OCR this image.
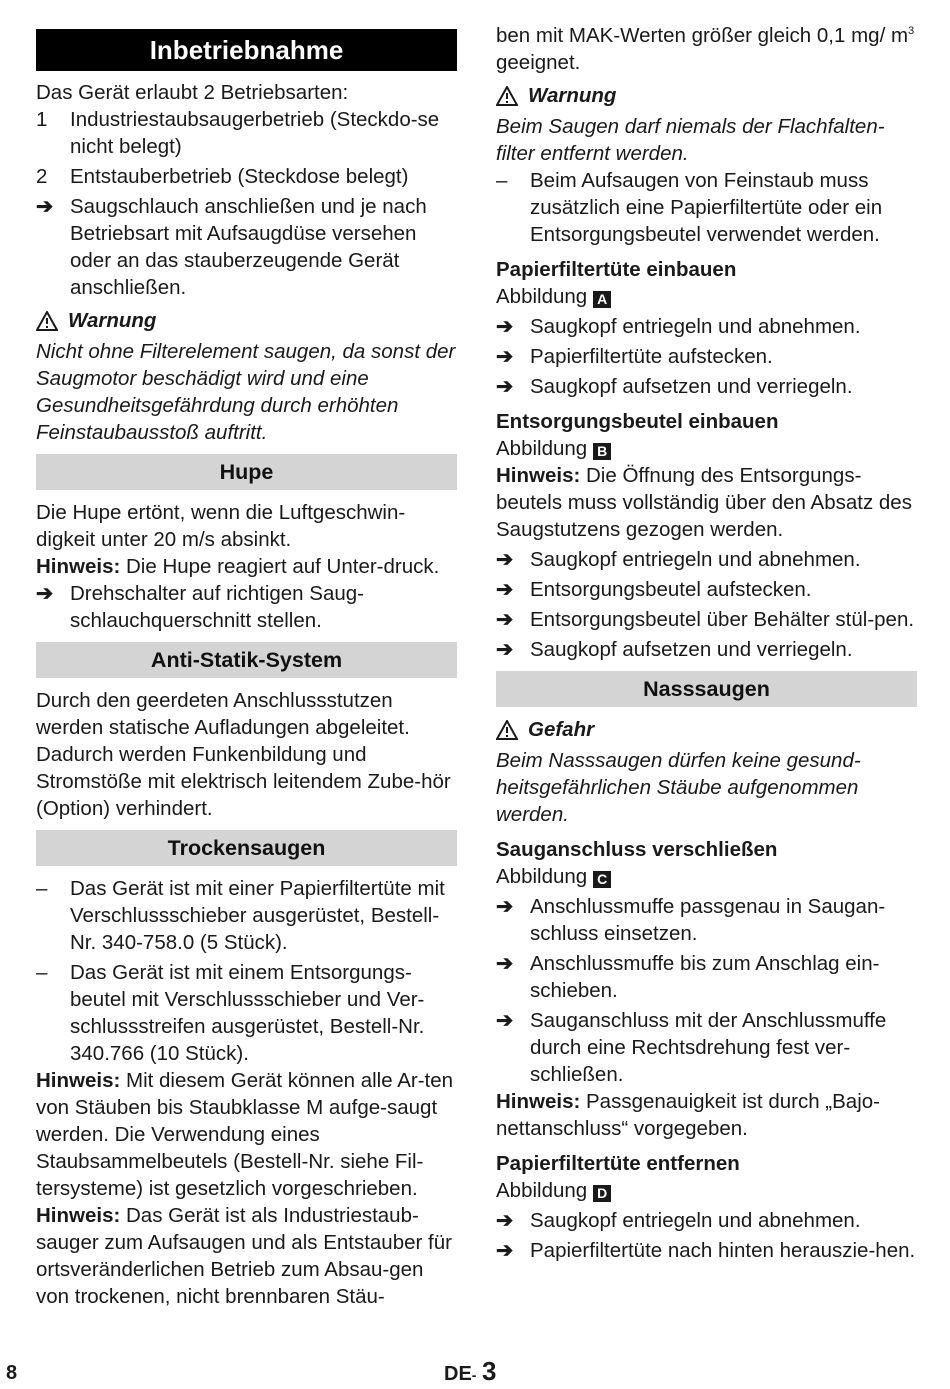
Inbetriebnahme

Das Gerät erlaubt 2 Betriebsarten:

1	Industriestaubsaugerbetrieb (Steckdo-se nicht belegt)
2	Entstauberbetrieb (Steckdose belegt)
➔ Saugschlauch anschließen und je nach Betriebsart mit Aufsaugdüse versehen oder an das stauberzeugende Gerät anschließen.
Warnung

Nicht ohne Filterelement saugen, da sonst der Saugmotor beschädigt wird und eine Gesundheitsgefährdung durch erhöhten Feinstaubausstoß auftritt.

Hupe

Die Hupe ertönt, wenn die Luftgeschwin-digkeit unter 20 m/s absinkt.

Hinweis: Die Hupe reagiert auf Unter-druck.

➔ Drehschalter auf richtigen Saug-schlauchquerschnitt stellen.
Anti-Statik-System

Durch den geerdeten Anschlussstutzen werden statische Aufladungen abgeleitet. Dadurch werden Funkenbildung und Stromstöße mit elektrisch leitendem Zube-hör (Option) verhindert.

Trockensaugen
–	Das Gerät ist mit einer Papierfiltertüte mit Verschlussschieber ausgerüstet, Bestell-Nr. 340-758.0 (5 Stück).
–	Das Gerät ist mit einem Entsorgungs-beutel mit Verschlussschieber und Ver-schlussstreifen ausgerüstet, Bestell-Nr. 340.766 (10 Stück).

Hinweis: Mit diesem Gerät können alle Ar-ten von Stäuben bis Staubklasse M aufge-saugt werden. Die Verwendung eines Staubsammelbeutels (Bestell-Nr. siehe Fil-tersysteme) ist gesetzlich vorgeschrieben.

Hinweis: Das Gerät ist als Industriestaub-sauger zum Aufsaugen und als Entstauber für ortsveränderlichen Betrieb zum Absau-gen von trockenen, nicht brennbaren Stäu-

ben mit MAK-Werten größer gleich 0,1 mg/ $m^3$ geeignet.

Warnung

Beim Saugen darf niemals der Flachfalten-filter entfernt werden.

–	Beim Aufsaugen von Feinstaub muss zusätzlich eine Papierfiltertüte oder ein Entsorgungsbeutel verwendet werden.

Papierfiltertüte einbauen

Abbildung A

➔ Saugkopf entriegeln und abnehmen.
➔ Papierfiltertüte aufstecken.
➔ Saugkopf aufsetzen und verriegeln.

Entsorgungsbeutel einbauen

Abbildung B

Hinweis: Die Öffnung des Entsorgungs-beutels muss vollständig über den Absatz des Saugstutzens gezogen werden.

➔ Saugkopf entriegeln und abnehmen.
➔ Entsorgungsbeutel aufstecken.
➔ Entsorgungsbeutel über Behälter stül-pen.
➔ Saugkopf aufsetzen und verriegeln.
Nasssaugen
Gefahr

Beim Nasssaugen dürfen keine gesund-heitsgefährlichen Stäube aufgenommen werden.

Sauganschluss verschließen

Abbildung C

➔ Anschlussmuffe passgenau in Saugan-schluss einsetzen.
➔ Anschlussmuffe bis zum Anschlag ein-schieben.
➔ Sauganschluss mit der Anschlussmuffe durch eine Rechtsdrehung fest ver-schließen.

Hinweis: Passgenauigkeit ist durch „Bajo-nettanschluss“ vorgegeben.

Papierfiltertüte entfernen

Abbildung D

➔ Saugkopf entriegeln und abnehmen.
➔ Papierfiltertüte nach hinten herauszie-hen.
8	DE- 3
